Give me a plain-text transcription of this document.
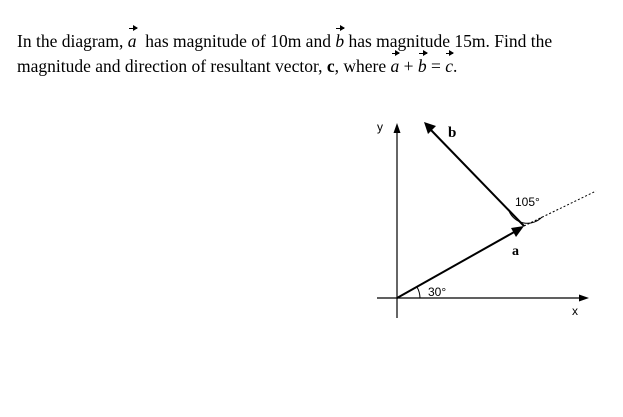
In the diagram, a has magnitude of 10m and b has magnitude 15m. Find the
magnitude and direction of resultant vector, c, where a + b = c.
y
x
b
a
105°
30°
